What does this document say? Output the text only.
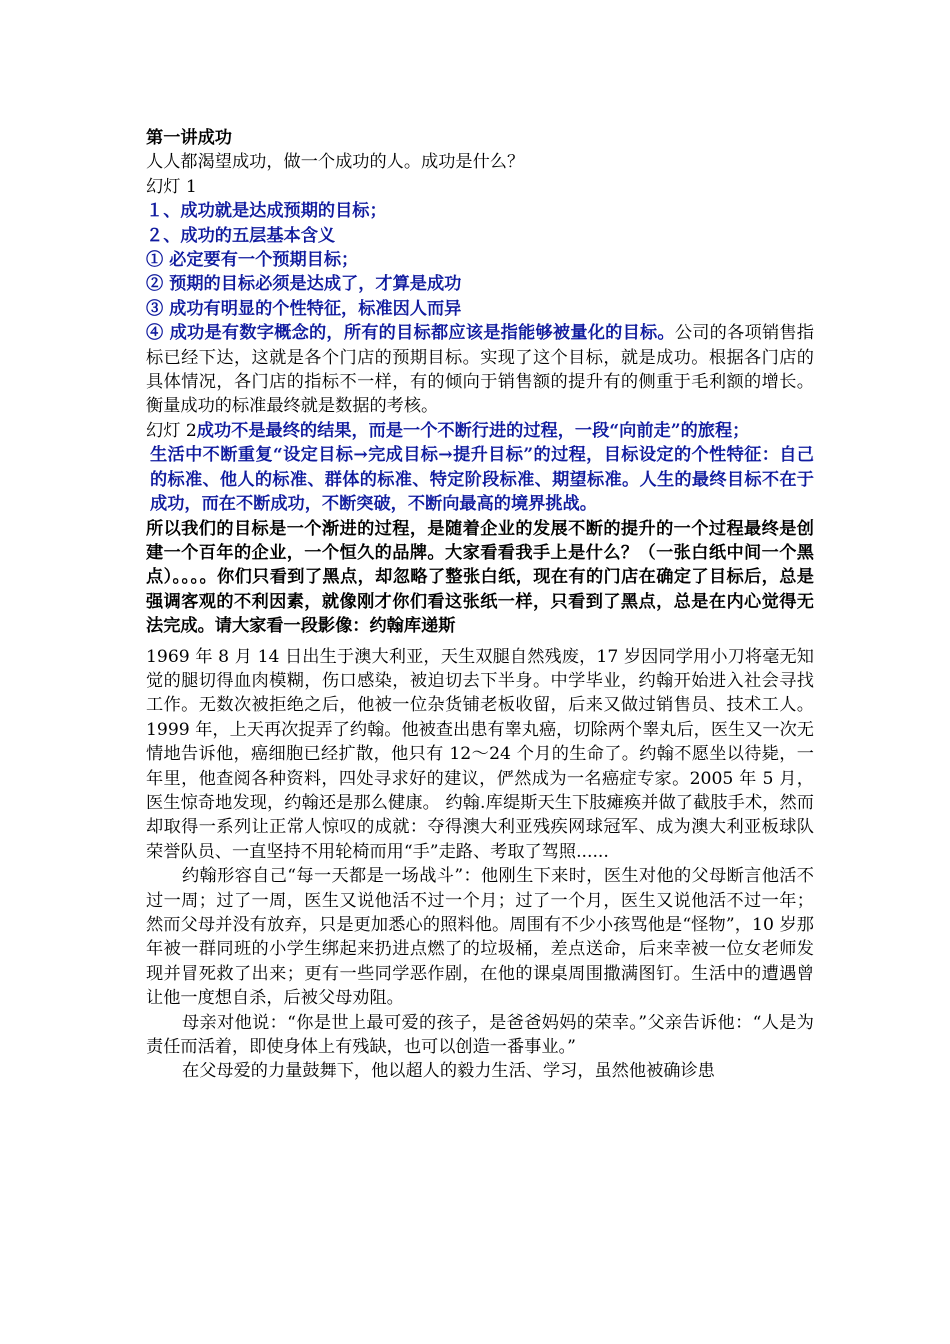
第一讲成功

人人都渴望成功，做一个成功的人。成功是什么？

幻灯 1

１、成功就是达成预期的目标；

２、成功的五层基本含义

① 必定要有一个预期目标；

② 预期的目标必须是达成了，才算是成功

③ 成功有明显的个性特征，标准因人而异

④ 成功是有数字概念的，所有的目标都应该是指能够被量化的目标。公司的各项销售指标已经下达，这就是各个门店的预期目标。实现了这个目标，就是成功。根据各门店的具体情况，各门店的指标不一样，有的倾向于销售额的提升有的侧重于毛利额的增长。衡量成功的标准最终就是数据的考核。

幻灯 2成功不是最终的结果，而是一个不断行进的过程，一段“向前走”的旅程；

生活中不断重复“设定目标→完成目标→提升目标”的过程，目标设定的个性特征：自己的标准、他人的标准、群体的标准、特定阶段标准、期望标准。人生的最终目标不在于成功，而在不断成功，不断突破，不断向最高的境界挑战。

所以我们的目标是一个渐进的过程，是随着企业的发展不断的提升的一个过程最终是创建一个百年的企业，一个恒久的品牌。大家看看我手上是什么？（一张白纸中间一个黑点）。。。。你们只看到了黑点，却忽略了整张白纸，现在有的门店在确定了目标后，总是强调客观的不利因素，就像刚才你们看这张纸一样，只看到了黑点，总是在内心觉得无法完成。请大家看一段影像：约翰库递斯

1969 年 8 月 14 日出生于澳大利亚，天生双腿自然残废，17 岁因同学用小刀将毫无知觉的腿切得血肉模糊，伤口感染，被迫切去下半身。中学毕业，约翰开始进入社会寻找工作。无数次被拒绝之后，他被一位杂货铺老板收留，后来又做过销售员、技术工人。1999 年，上天再次捉弄了约翰。他被查出患有睾丸癌，切除两个睾丸后，医生又一次无情地告诉他，癌细胞已经扩散，他只有 12～24 个月的生命了。约翰不愿坐以待毙，一年里，他查阅各种资料，四处寻求好的建议，俨然成为一名癌症专家。2005 年 5 月，医生惊奇地发现，约翰还是那么健康。 约翰.库缇斯天生下肢瘫痪并做了截肢手术，然而却取得一系列让正常人惊叹的成就：夺得澳大利亚残疾网球冠军、成为澳大利亚板球队荣誉队员、一直坚持不用轮椅而用“手”走路、考取了驾照......

约翰形容自己“每一天都是一场战斗”：他刚生下来时，医生对他的父母断言他活不过一周；过了一周，医生又说他活不过一个月；过了一个月，医生又说他活不过一年；然而父母并没有放弃，只是更加悉心的照料他。周围有不少小孩骂他是“怪物”，10 岁那年被一群同班的小学生绑起来扔进点燃了的垃圾桶，差点送命，后来幸被一位女老师发现并冒死救了出来；更有一些同学恶作剧，在他的课桌周围撒满图钉。生活中的遭遇曾让他一度想自杀，后被父母劝阻。

母亲对他说：“你是世上最可爱的孩子，是爸爸妈妈的荣幸。”父亲告诉他：“人是为责任而活着，即使身体上有残缺，也可以创造一番事业。”

在父母爱的力量鼓舞下，他以超人的毅力生活、学习，虽然他被确诊患
